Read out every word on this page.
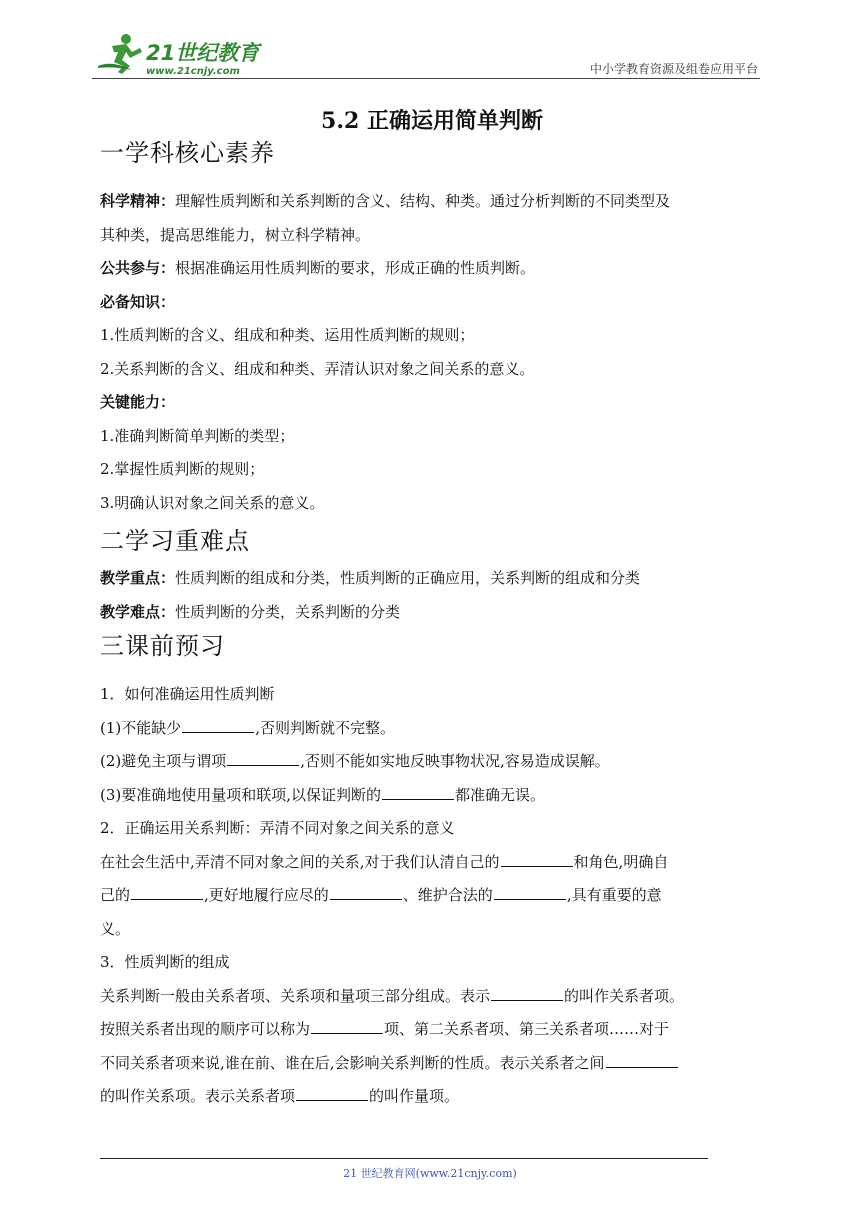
21世纪教育
www.21cnjy.com	中小学教育资源及组卷应用平台
5.2 正确运用简单判断
一学科核心素养

科学精神：理解性质判断和关系判断的含义、结构、种类。通过分析判断的不同类型及

其种类，提高思维能力，树立科学精神。

公共参与：根据准确运用性质判断的要求，形成正确的性质判断。

必备知识：

1.性质判断的含义、组成和种类、运用性质判断的规则；

2.关系判断的含义、组成和种类、弄清认识对象之间关系的意义。

关键能力：

1.准确判断简单判断的类型；

2.掌握性质判断的规则；

3.明确认识对象之间关系的意义。

二学习重难点

教学重点：性质判断的组成和分类，性质判断的正确应用，关系判断的组成和分类

教学难点：性质判断的分类，关系判断的分类

三课前预习

1．如何准确运用性质判断

(1)不能缺少	,否则判断就不完整。

(2)避免主项与谓项	,否则不能如实地反映事物状况,容易造成误解。

(3)要准确地使用量项和联项,以保证判断的	都准确无误。

2．正确运用关系判断：弄清不同对象之间关系的意义

在社会生活中,弄清不同对象之间的关系,对于我们认清自己的	和角色,明确自

己的	,更好地履行应尽的	、维护合法的	,具有重要的意

义。

3．性质判断的组成

关系判断一般由关系者项、关系项和量项三部分组成。表示	的叫作关系者项。

按照关系者出现的顺序可以称为	项、第二关系者项、第三关系者项……对于

不同关系者项来说,谁在前、谁在后,会影响关系判断的性质。表示关系者之间

的叫作关系项。表示关系者项	的叫作量项。

21 世纪教育网(www.21cnjy.com)
